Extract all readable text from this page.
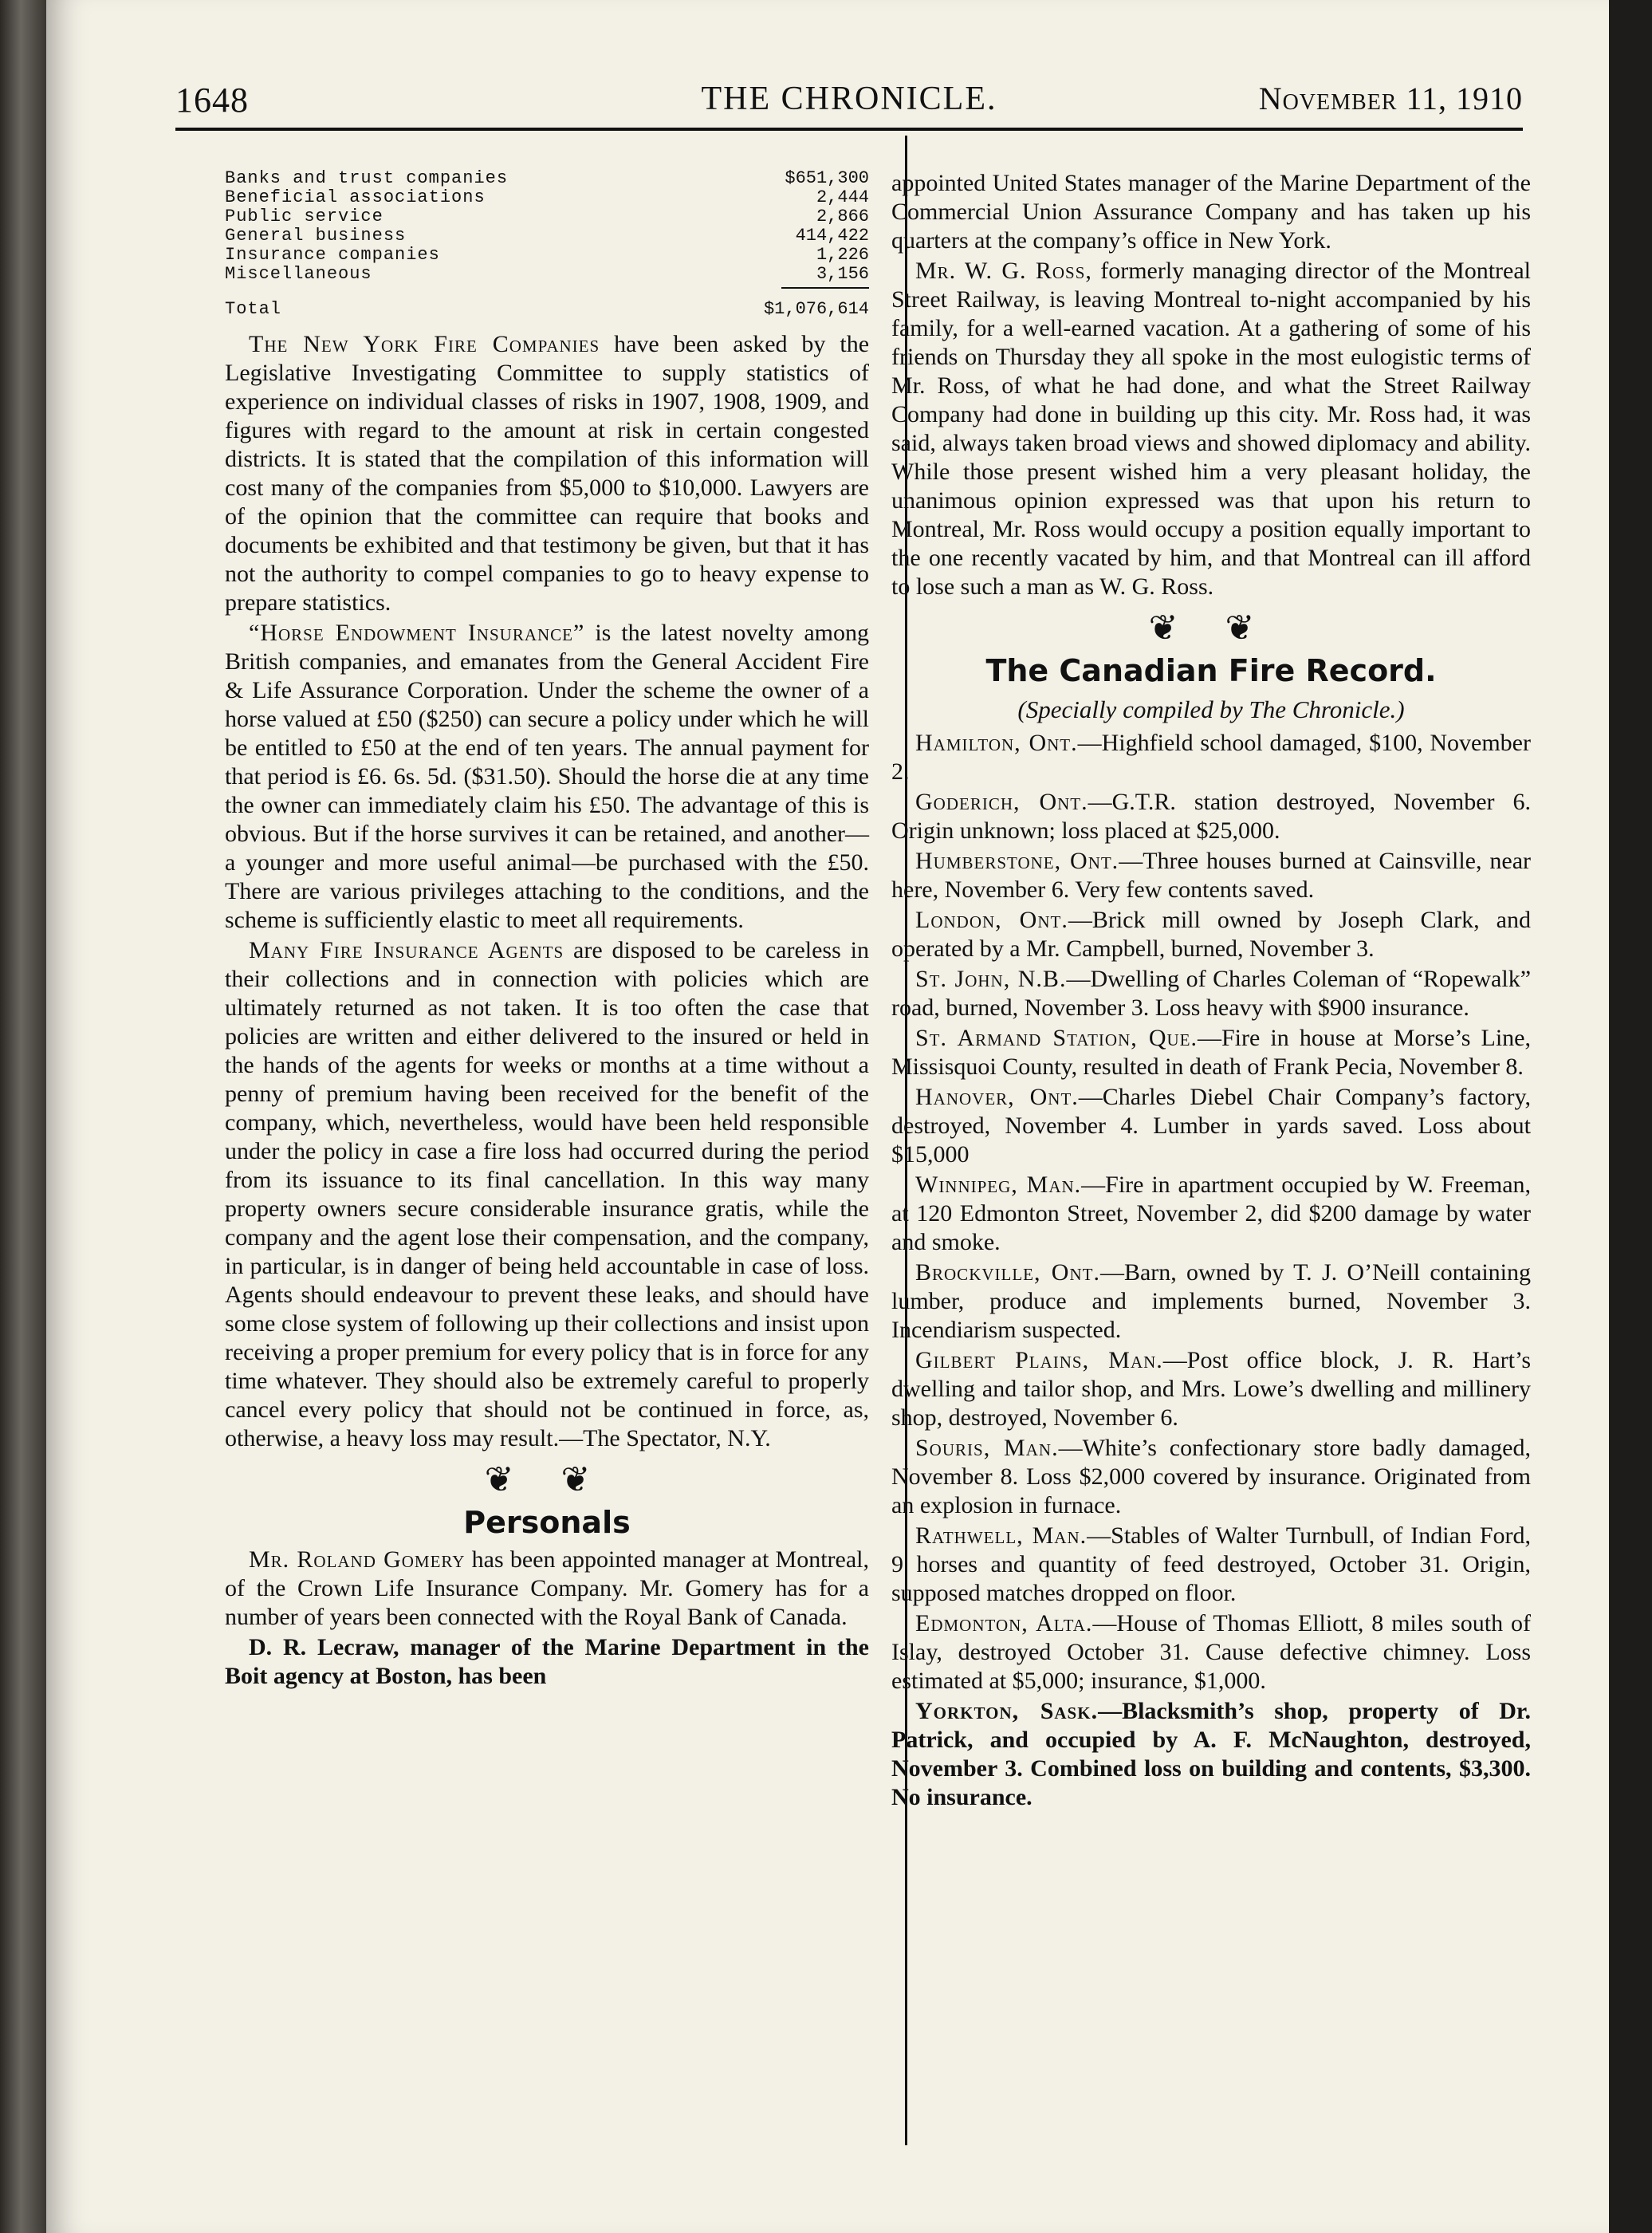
1648	THE CHRONICLE.	November 11, 1910
Banks and trust companies	$651,300
Beneficial associations	2,444
Public service	2,866
General business	414,422
Insurance companies	1,226
Miscellaneous	3,156
Total	$1,076,614

The New York Fire Companies have been asked by the Legislative Investigating Committee to supply statistics of experience on individual classes of risks in 1907, 1908, 1909, and figures with regard to the amount at risk in certain congested districts. It is stated that the compilation of this information will cost many of the companies from $5,000 to $10,000. Lawyers are of the opinion that the committee can require that books and documents be exhibited and that testimony be given, but that it has not the authority to compel companies to go to heavy expense to prepare statistics.

“Horse Endowment Insurance” is the latest novelty among British companies, and emanates from the General Accident Fire & Life Assurance Corporation. Under the scheme the owner of a horse valued at £50 ($250) can secure a policy under which he will be entitled to £50 at the end of ten years. The annual payment for that period is £6. 6s. 5d. ($31.50). Should the horse die at any time the owner can immediately claim his £50. The advantage of this is obvious. But if the horse survives it can be retained, and another—a younger and more useful animal—be purchased with the £50. There are various privileges attaching to the conditions, and the scheme is sufficiently elastic to meet all requirements.

Many Fire Insurance Agents are disposed to be careless in their collections and in connection with policies which are ultimately returned as not taken. It is too often the case that policies are written and either delivered to the insured or held in the hands of the agents for weeks or months at a time without a penny of premium having been received for the benefit of the company, which, nevertheless, would have been held responsible under the policy in case a fire loss had occurred during the period from its issuance to its final cancellation. In this way many property owners secure considerable insurance gratis, while the company and the agent lose their compensation, and the company, in particular, is in danger of being held accountable in case of loss. Agents should endeavour to prevent these leaks, and should have some close system of following up their collections and insist upon receiving a proper premium for every policy that is in force for any time whatever. They should also be extremely careful to properly cancel every policy that should not be continued in force, as, otherwise, a heavy loss may result.—The Spectator, N.Y.

❦ ❦
Personals

Mr. Roland Gomery has been appointed manager at Montreal, of the Crown Life Insurance Company. Mr. Gomery has for a number of years been connected with the Royal Bank of Canada.

D. R. Lecraw, manager of the Marine Department in the Boit agency at Boston, has been

appointed United States manager of the Marine Department of the Commercial Union Assurance Company and has taken up his quarters at the company’s office in New York.

Mr. W. G. Ross, formerly managing director of the Montreal Street Railway, is leaving Montreal to-night accompanied by his family, for a well-earned vacation. At a gathering of some of his friends on Thursday they all spoke in the most eulogistic terms of Mr. Ross, of what he had done, and what the Street Railway Company had done in building up this city. Mr. Ross had, it was said, always taken broad views and showed diplomacy and ability. While those present wished him a very pleasant holiday, the unanimous opinion expressed was that upon his return to Montreal, Mr. Ross would occupy a position equally important to the one recently vacated by him, and that Montreal can ill afford to lose such a man as W. G. Ross.

❦ ❦
The Canadian Fire Record.
(Specially compiled by The Chronicle.)

Hamilton, Ont.—Highfield school damaged, $100, November 2.

Goderich, Ont.—G.T.R. station destroyed, November 6. Origin unknown; loss placed at $25,000.

Humberstone, Ont.—Three houses burned at Cainsville, near here, November 6. Very few contents saved.

London, Ont.—Brick mill owned by Joseph Clark, and operated by a Mr. Campbell, burned, November 3.

St. John, N.B.—Dwelling of Charles Coleman of “Ropewalk” road, burned, November 3. Loss heavy with $900 insurance.

St. Armand Station, Que.—Fire in house at Morse’s Line, Missisquoi County, resulted in death of Frank Pecia, November 8.

Hanover, Ont.—Charles Diebel Chair Company’s factory, destroyed, November 4. Lumber in yards saved. Loss about $15,000

Winnipeg, Man.—Fire in apartment occupied by W. Freeman, at 120 Edmonton Street, November 2, did $200 damage by water and smoke.

Brockville, Ont.—Barn, owned by T. J. O’Neill containing lumber, produce and implements burned, November 3. Incendiarism suspected.

Gilbert Plains, Man.—Post office block, J. R. Hart’s dwelling and tailor shop, and Mrs. Lowe’s dwelling and millinery shop, destroyed, November 6.

Souris, Man.—White’s confectionary store badly damaged, November 8. Loss $2,000 covered by insurance. Originated from an explosion in furnace.

Rathwell, Man.—Stables of Walter Turnbull, of Indian Ford, 9 horses and quantity of feed destroyed, October 31. Origin, supposed matches dropped on floor.

Edmonton, Alta.—House of Thomas Elliott, 8 miles south of Islay, destroyed October 31. Cause defective chimney. Loss estimated at $5,000; insurance, $1,000.

Yorkton, Sask.—Blacksmith’s shop, property of Dr. Patrick, and occupied by A. F. McNaughton, destroyed, November 3. Combined loss on building and contents, $3,300. No insurance.
